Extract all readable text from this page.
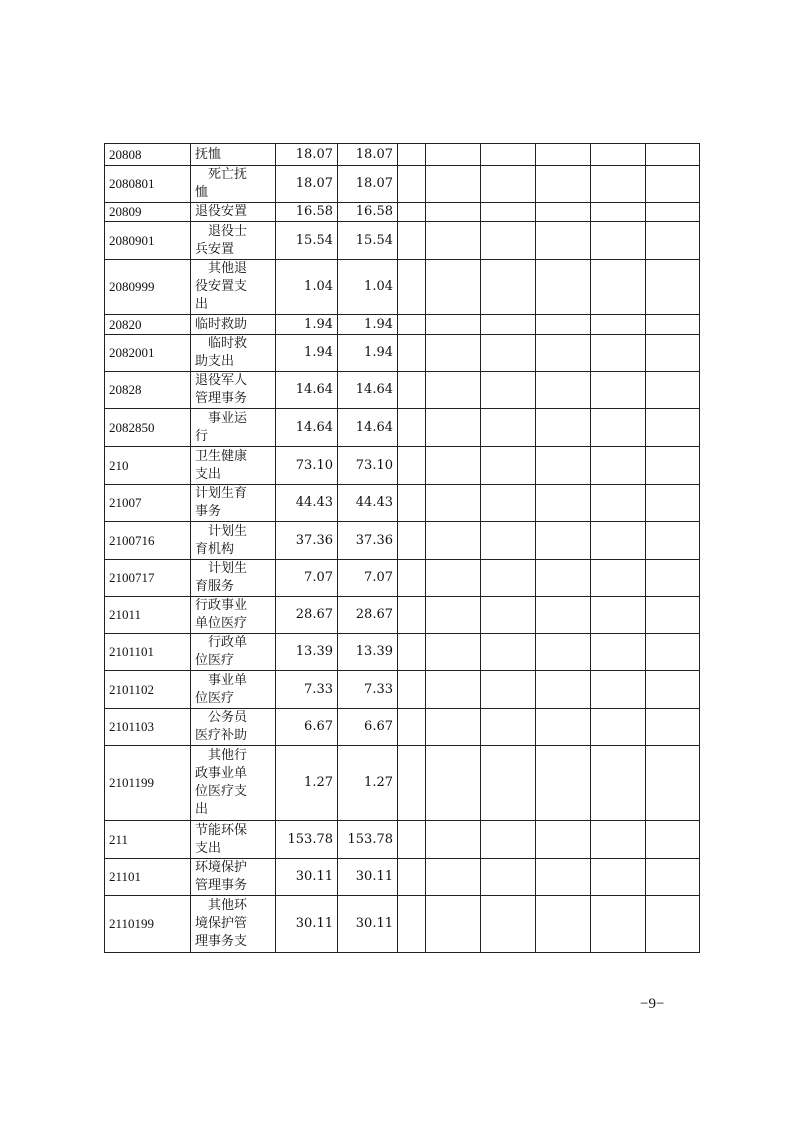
20808	抚恤	18.07	18.07						
2080801	　死亡抚
恤	18.07	18.07						
20809	退役安置	16.58	16.58						
2080901	　退役士
兵安置	15.54	15.54						
2080999	　其他退
役安置支
出	1.04	1.04						
20820	临时救助	1.94	1.94						
2082001	　临时救
助支出	1.94	1.94						
20828	退役军人
管理事务	14.64	14.64						
2082850	　事业运
行	14.64	14.64						
210	卫生健康
支出	73.10	73.10						
21007	计划生育
事务	44.43	44.43						
2100716	　计划生
育机构	37.36	37.36						
2100717	　计划生
育服务	7.07	7.07						
21011	行政事业
单位医疗	28.67	28.67						
2101101	　行政单
位医疗	13.39	13.39						
2101102	　事业单
位医疗	7.33	7.33						
2101103	　公务员
医疗补助	6.67	6.67						
2101199	　其他行
政事业单
位医疗支
出	1.27	1.27						
211	节能环保
支出	153.78	153.78						
21101	环境保护
管理事务	30.11	30.11						
2110199	　其他环
境保护管
理事务支	30.11	30.11						
−9−
